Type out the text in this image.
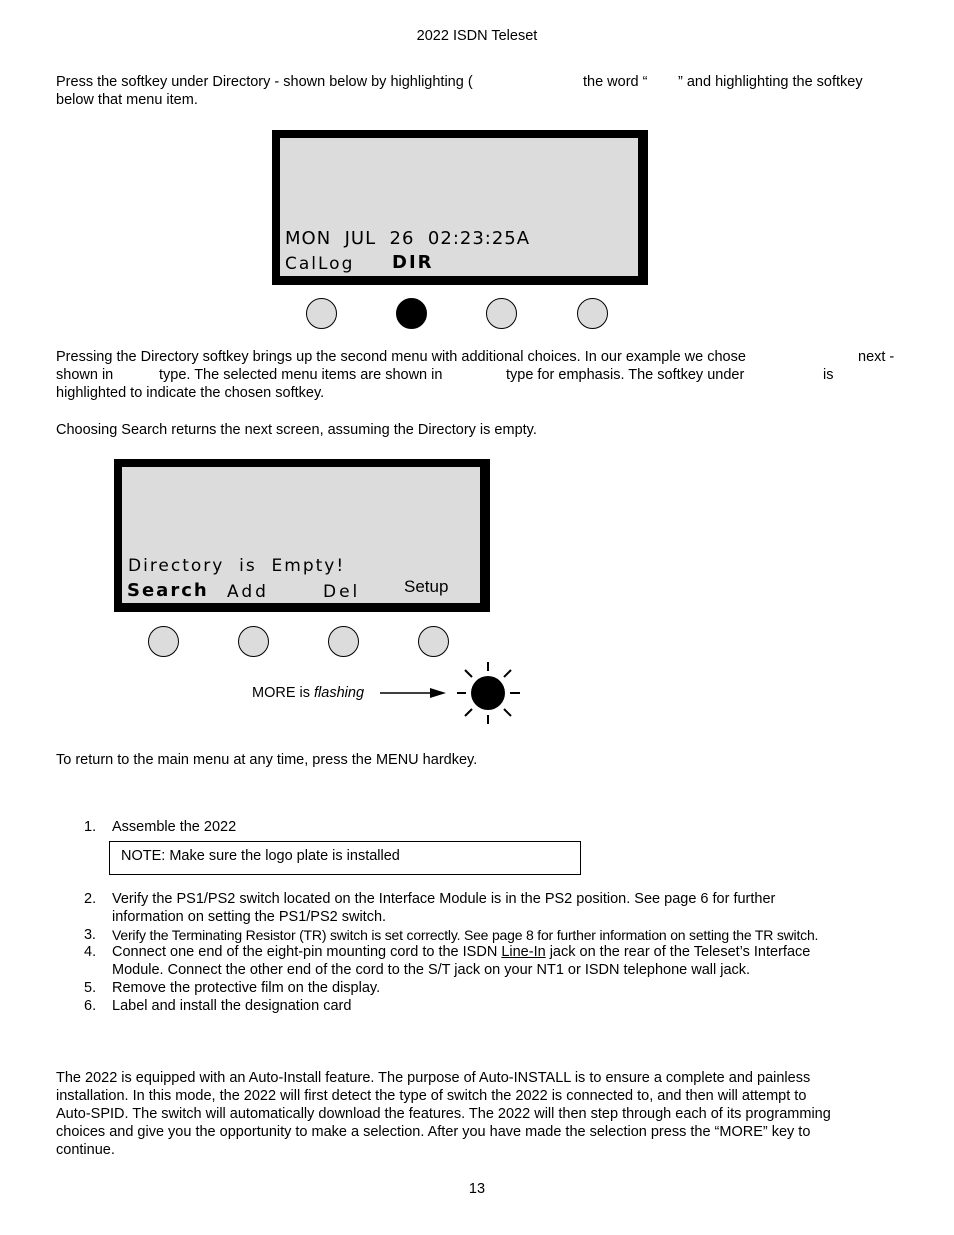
2022 ISDN Teleset
Press the softkey under Directory - shown below by highlighting (	the word “ ” and highlighting the softkey
below that menu item.
MON  JUL  26  02:23:25A
CalLog DIR
Pressing the Directory softkey brings up the second menu with additional choices. In our example we chose	next -
shown in	type. The selected menu items are shown in	type for emphasis. The softkey under	is
highlighted to indicate the chosen softkey.
Choosing Search returns the next screen, assuming the Directory is empty.
Directory  is  Empty!
Search Add	Del	Setup
MORE is flashing
To return to the main menu at any time, press the MENU hardkey.
1. Assemble the 2022
NOTE: Make sure the logo plate is installed
2. Verify the PS1/PS2 switch located on the Interface Module is in the PS2 position. See page 6 for further
information on setting the PS1/PS2 switch.
3. Verify the Terminating Resistor (TR) switch is set correctly. See page 8 for further information on setting the TR switch.
4. Connect one end of the eight-pin mounting cord to the ISDN Line-In jack on the rear of the Teleset’s Interface
Module. Connect the other end of the cord to the S/T jack on your NT1 or ISDN telephone wall jack.
5. Remove the protective film on the display.
6. Label and install the designation card
The 2022 is equipped with an Auto-Install feature. The purpose of Auto-INSTALL is to ensure a complete and painless
installation. In this mode, the 2022 will first detect the type of switch the 2022 is connected to, and then will attempt to
Auto-SPID. The switch will automatically download the features. The 2022 will then step through each of its programming
choices and give you the opportunity to make a selection. After you have made the selection press the “MORE” key to
continue.
13
